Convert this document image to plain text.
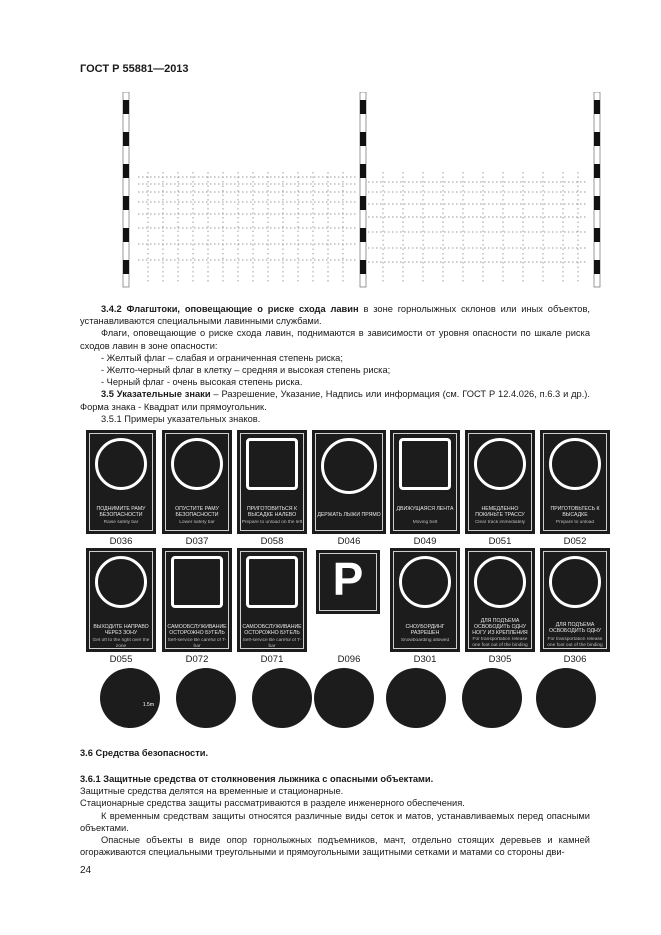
ГОСТ Р 55881—2013

3.4.2 Флагштоки, оповещающие о риске схода лавин в зоне горнолыжных склонов или иных объектов, устанавливаются специальными лавинными службами.

Флаги, оповещающие о риске схода лавин, поднимаются в зависимости от уровня опасности по шкале риска сходов лавин в зоне опасности:

- Желтый флаг – слабая и ограниченная степень риска;

- Желто-черный флаг в клетку – средняя и высокая степень риска;

- Черный флаг - очень высокая степень риска.

3.5 Указательные знаки – Разрешение, Указание, Надпись или информация (см. ГОСТ Р 12.4.026, п.6.3 и др.). Форма знака - Квадрат или прямоугольник.

3.5.1 Примеры указательных знаков.

ПОДНИМИТЕ РАМУ БЕЗОПАСНОСТИ
Raise safety bar
ОПУСТИТЕ РАМУ БЕЗОПАСНОСТИ
Lower safety bar
ПРИГОТОВИТЬСЯ К ВЫСАДКЕ НАЛЕВО
Prepare to unload on the left
ДЕРЖАТЬ ЛЫЖИ ПРЯМО
ДВИЖУЩАЯСЯ ЛЕНТА
Moving belt
НЕМЕДЛЕННО ПОКИНЬТЕ ТРАССУ
Clear track immediately
ПРИГОТОВЬТЕСЬ К ВЫСАДКЕ
Prepare to unload
D036	D037	D058	D046	D049	D051	D052
ВЫХОДИТЕ НАПРАВО ЧЕРЕЗ ЗОНУ
Get off to the right over the zone
САМООБСЛУЖИВАНИЕ ОСТОРОЖНО БУГЕЛЬ
Self-service Be careful of T-bar
САМООБСЛУЖИВАНИЕ ОСТОРОЖНО БУГЕЛЬ
Self-service Be careful of T-bar
P
СНОУБОРДИНГ РАЗРЕШЕН
Snowboarding allowed
ДЛЯ ПОДЪЕМА ОСВОБОДИТЬ ОДНУ НОГУ ИЗ КРЕПЛЕНИЯ
For transportation release one foot out of the binding
ДЛЯ ПОДЪЕМА ОСВОБОДИТЬ ОДНУ
For transportation release one foot out of the binding
D055	D072	D071	D096	D301	D305	D306
1.5m

3.6 Средства безопасности.

3.6.1 Защитные средства от столкновения лыжника с опасными объектами.

Защитные средства делятся на временные и стационарные.

Стационарные средства защиты рассматриваются в разделе инженерного обеспечения.

К временным средствам защиты относятся различные виды сеток и матов, устанавливаемых перед опасными объектами.

Опасные объекты в виде опор горнолыжных подъемников, мачт, отдельно стоящих деревьев и камней огораживаются специальными треугольными и прямоугольными защитными сетками и матами со стороны дви-

24
